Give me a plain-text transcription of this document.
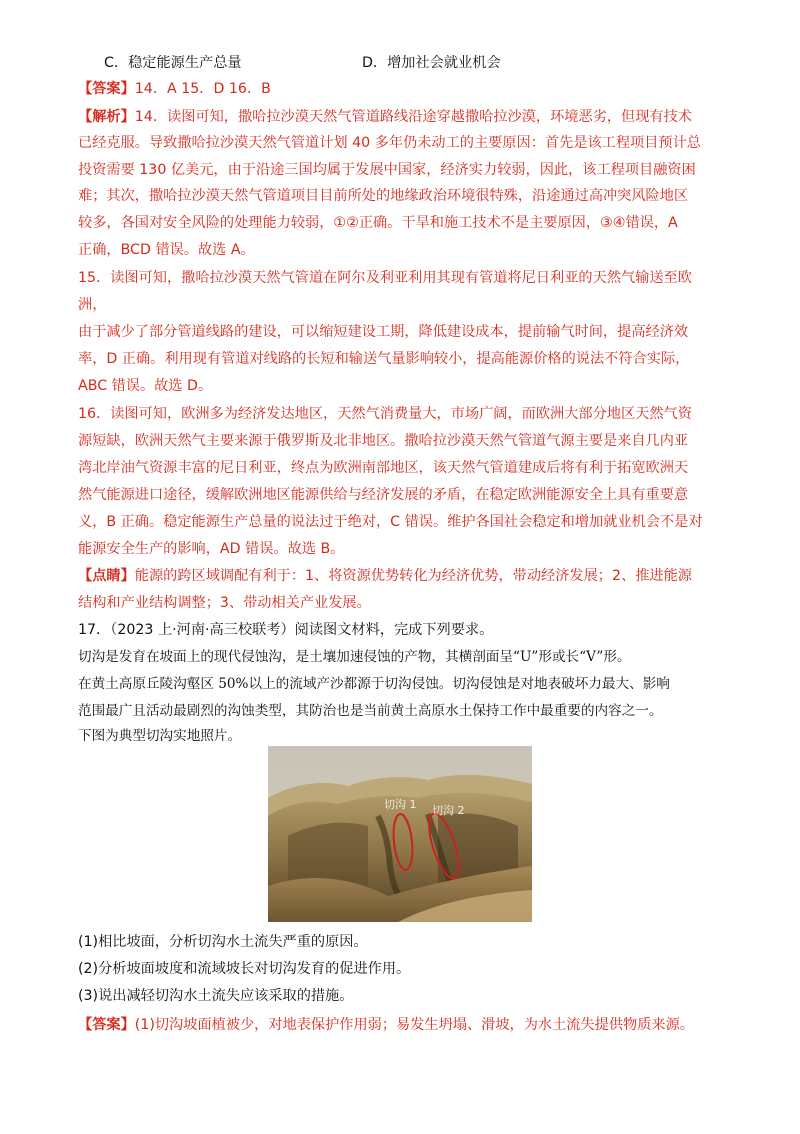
C．稳定能源生产总量	D．增加社会就业机会
【答案】14．A 15．D 16．B
【解析】14．读图可知，撒哈拉沙漠天然气管道路线沿途穿越撒哈拉沙漠，环境恶劣，但现有技术
已经克服。导致撒哈拉沙漠天然气管道计划 40 多年仍未动工的主要原因：首先是该工程项目预计总
投资需要 130 亿美元，由于沿途三国均属于发展中国家，经济实力较弱，因此，该工程项目融资困
难；其次，撒哈拉沙漠天然气管道项目目前所处的地缘政治环境很特殊，沿途通过高冲突风险地区
较多，各国对安全风险的处理能力较弱，①②正确。干旱和施工技术不是主要原因，③④错误，A
正确，BCD 错误。故选 A。
15．读图可知，撒哈拉沙漠天然气管道在阿尔及利亚利用其现有管道将尼日利亚的天然气输送至欧
洲，
由于减少了部分管道线路的建设，可以缩短建设工期，降低建设成本，提前输气时间，提高经济效
率，D 正确。利用现有管道对线路的长短和输送气量影响较小，提高能源价格的说法不符合实际，
ABC 错误。故选 D。
16．读图可知，欧洲多为经济发达地区，天然气消费量大，市场广阔，而欧洲大部分地区天然气资
源短缺，欧洲天然气主要来源于俄罗斯及北非地区。撒哈拉沙漠天然气管道气源主要是来自几内亚
湾北岸油气资源丰富的尼日利亚，终点为欧洲南部地区，该天然气管道建成后将有利于拓宽欧洲天
然气能源进口途径，缓解欧洲地区能源供给与经济发展的矛盾，在稳定欧洲能源安全上具有重要意
义，B 正确。稳定能源生产总量的说法过于绝对，C 错误。维护各国社会稳定和增加就业机会不是对
能源安全生产的影响，AD 错误。故选 B。
【点睛】能源的跨区域调配有利于：1、将资源优势转化为经济优势，带动经济发展；2、推进能源
结构和产业结构调整；3、带动相关产业发展。
17．（2023 上·河南·高三校联考）阅读图文材料，完成下列要求。
切沟是发育在坡面上的现代侵蚀沟，是土壤加速侵蚀的产物，其横剖面呈“U”形或长“V”形。
在黄土高原丘陵沟壑区 50%以上的流域产沙都源于切沟侵蚀。切沟侵蚀是对地表破坏力最大、影响
范围最广且活动最剧烈的沟蚀类型，其防治也是当前黄土高原水土保持工作中最重要的内容之一。
下图为典型切沟实地照片。
切沟 1 切沟 2
(1)相比坡面，分析切沟水土流失严重的原因。
(2)分析坡面坡度和流域坡长对切沟发育的促进作用。
(3)说出减轻切沟水土流失应该采取的措施。
【答案】(1)切沟坡面植被少，对地表保护作用弱；易发生坍塌、滑坡，为水土流失提供物质来源。
